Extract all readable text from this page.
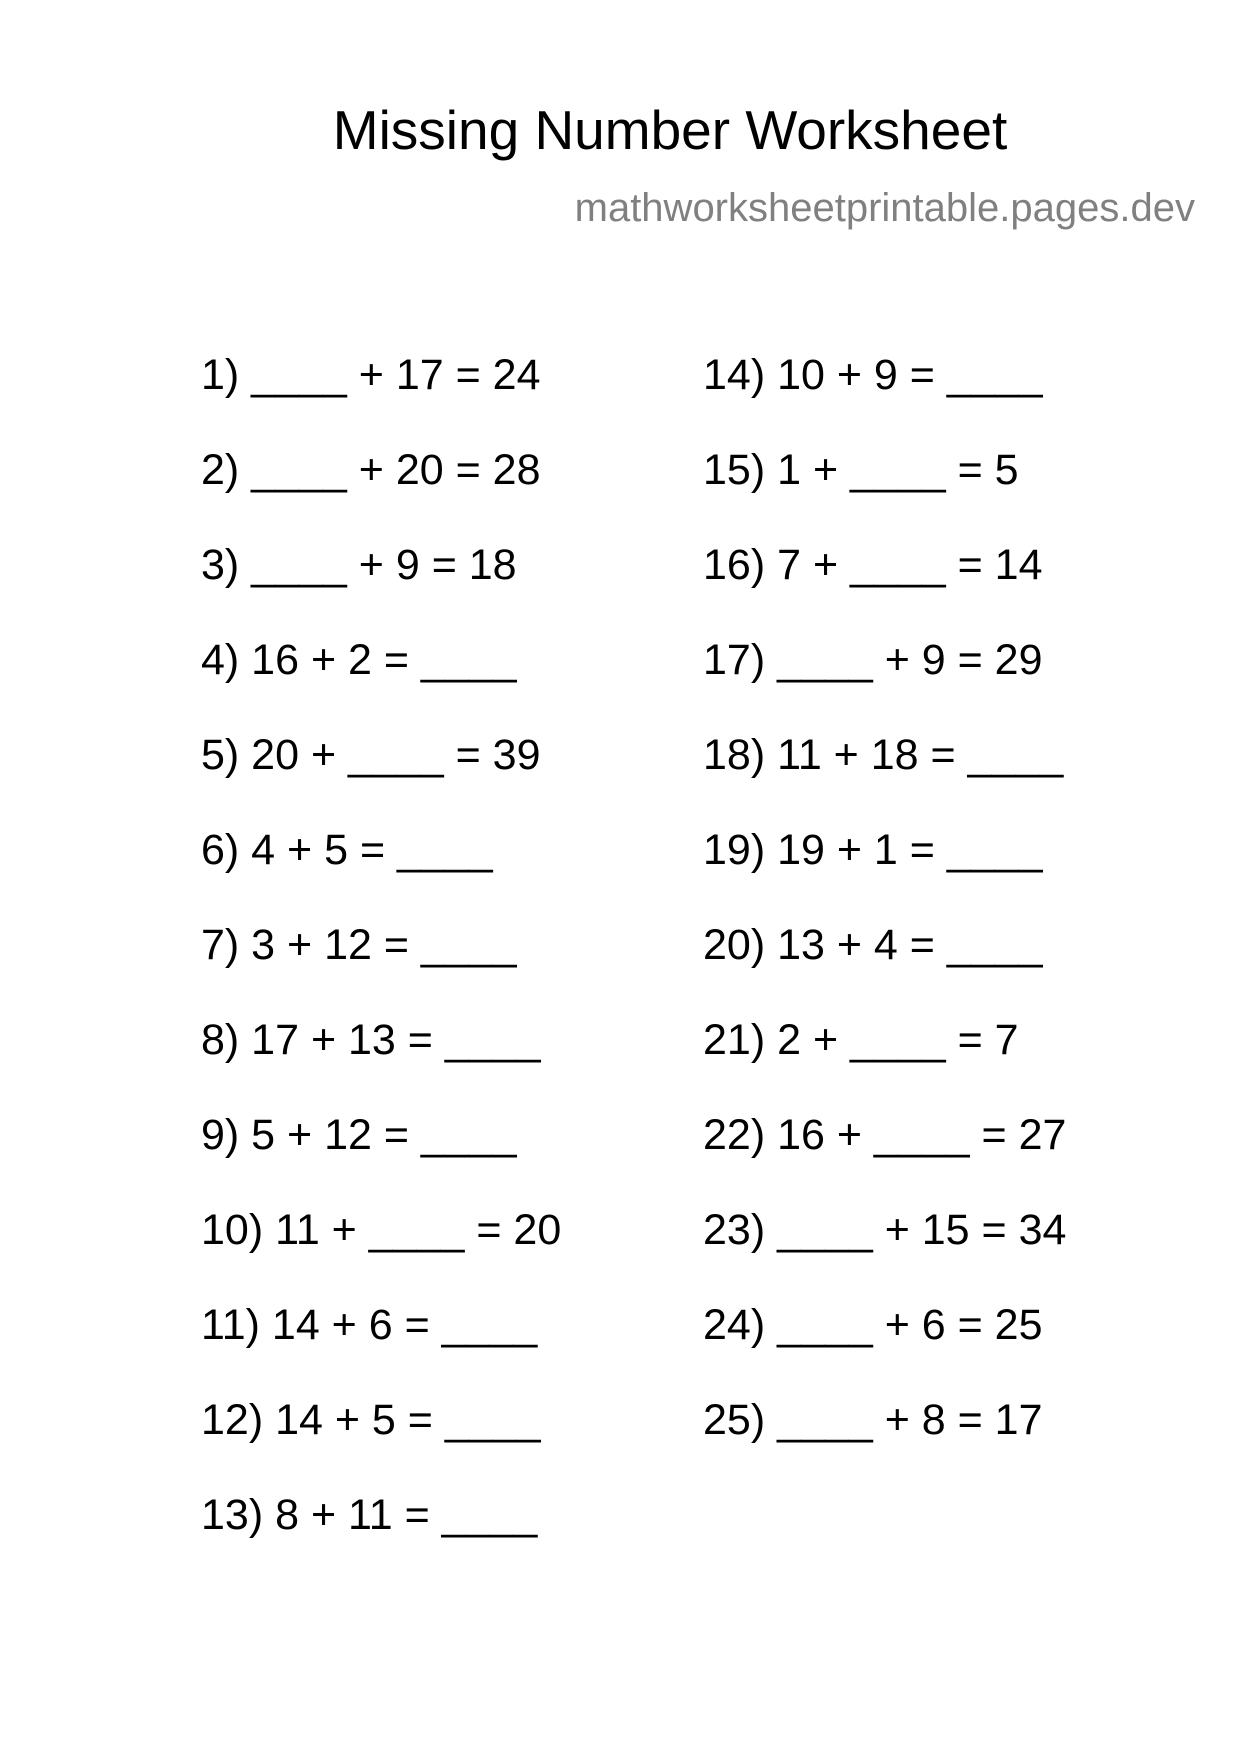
Missing Number Worksheet
mathworksheetprintable.pages.dev
1) ____ + 17 = 24
2) ____ + 20 = 28
3) ____ + 9 = 18
4) 16 + 2 = ____
5) 20 + ____ = 39
6) 4 + 5 = ____
7) 3 + 12 = ____
8) 17 + 13 = ____
9) 5 + 12 = ____
10) 11 + ____ = 20
11) 14 + 6 = ____
12) 14 + 5 = ____
13) 8 + 11 = ____
14) 10 + 9 = ____
15) 1 + ____ = 5
16) 7 + ____ = 14
17) ____ + 9 = 29
18) 11 + 18 = ____
19) 19 + 1 = ____
20) 13 + 4 = ____
21) 2 + ____ = 7
22) 16 + ____ = 27
23) ____ + 15 = 34
24) ____ + 6 = 25
25) ____ + 8 = 17
